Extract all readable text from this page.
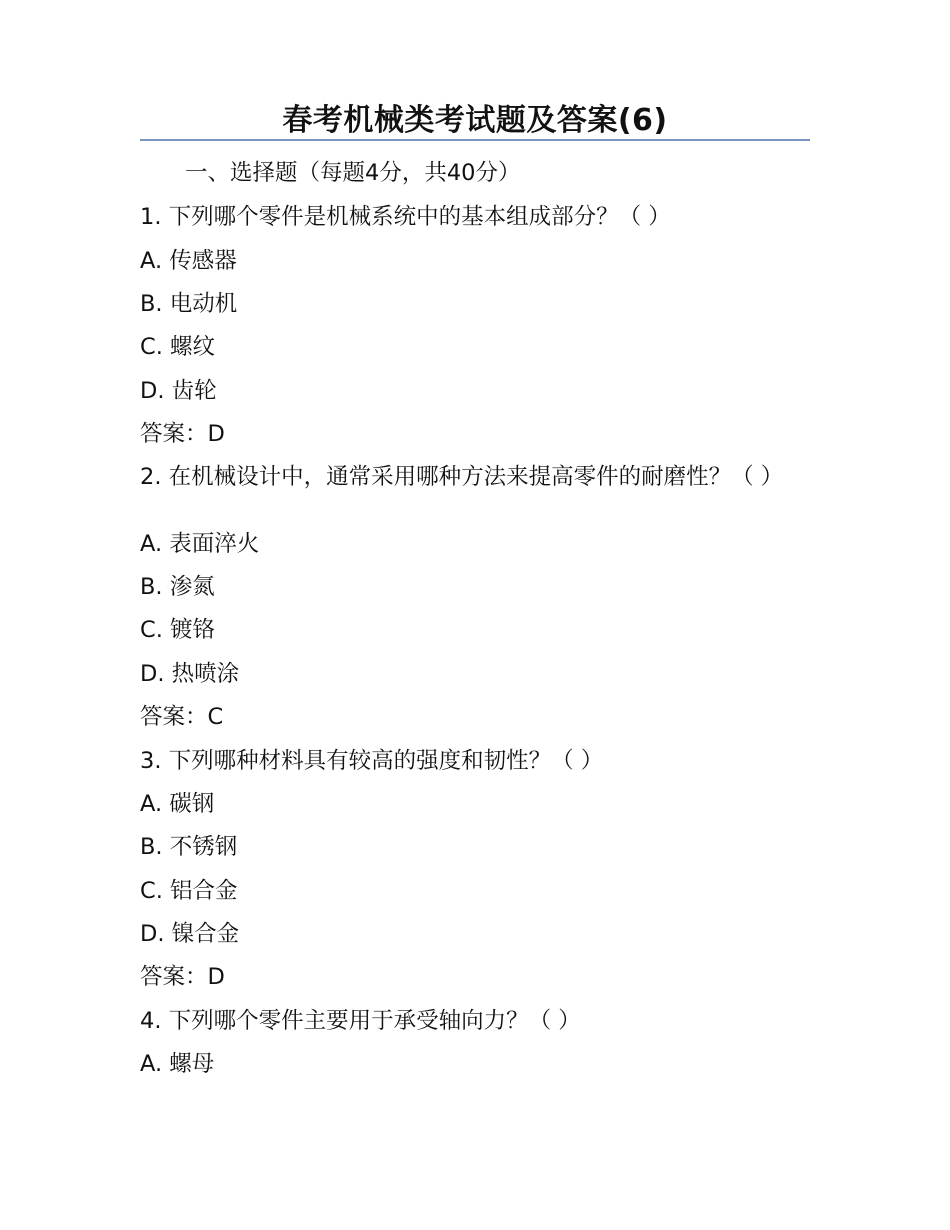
春考机械类考试题及答案(6)
一、选择题（每题4分，共40分）
1. 下列哪个零件是机械系统中的基本组成部分？（ ）
A. 传感器
B. 电动机
C. 螺纹
D. 齿轮
答案：D
2. 在机械设计中，通常采用哪种方法来提高零件的耐磨性？（ ）
A. 表面淬火
B. 渗氮
C. 镀铬
D. 热喷涂
答案：C
3. 下列哪种材料具有较高的强度和韧性？（ ）
A. 碳钢
B. 不锈钢
C. 铝合金
D. 镍合金
答案：D
4. 下列哪个零件主要用于承受轴向力？（ ）
A. 螺母
